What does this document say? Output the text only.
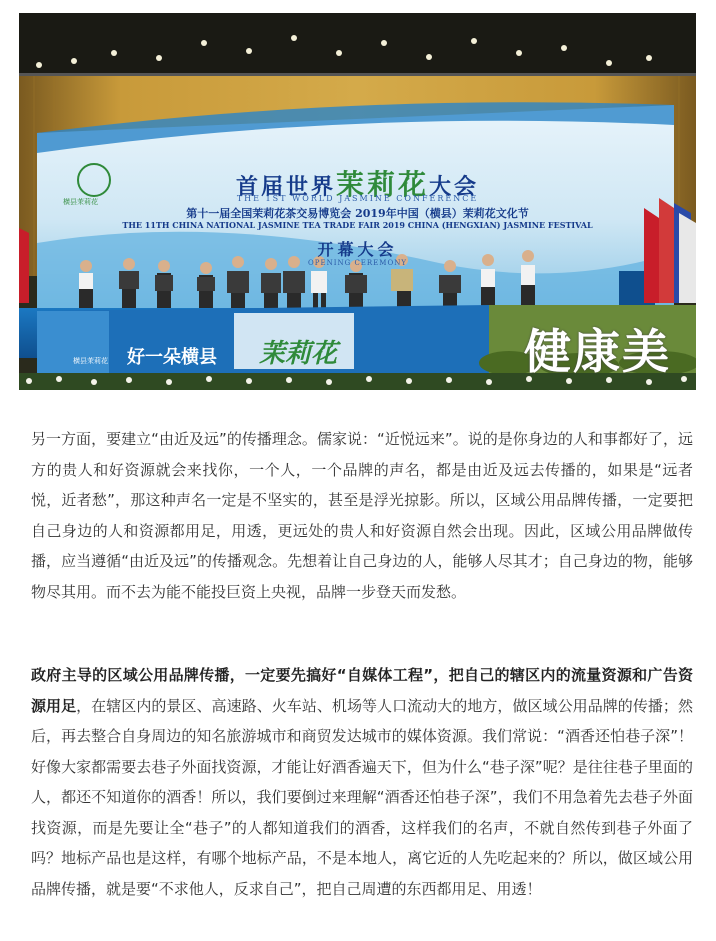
横县茉莉花
首届世界茉莉花大会
THE 1ST WORLD JASMINE CONFERENCE
第十一届全国茉莉花茶交易博览会 2019年中国（横县）茉莉花文化节
THE 11TH CHINA NATIONAL JASMINE TEA TRADE FAIR 2019 CHINA (HENGXIAN) JASMINE FESTIVAL
开幕大会
OPENING CEREMONY
横县茉莉花 好一朵横县 茉莉花	健康美

另一方面，要建立“由近及远”的传播理念。儒家说：“近悦远来”。说的是你身边的人和事都好了，远方的贵人和好资源就会来找你，一个人，一个品牌的声名，都是由近及远去传播的，如果是“远者悦，近者愁”，那这种声名一定是不坚实的，甚至是浮光掠影。所以，区域公用品牌传播，一定要把自己身边的人和资源都用足，用透，更远处的贵人和好资源自然会出现。因此，区域公用品牌做传播，应当遵循“由近及远”的传播观念。先想着让自己身边的人，能够人尽其才；自己身边的物，能够物尽其用。而不去为能不能投巨资上央视，品牌一步登天而发愁。

政府主导的区域公用品牌传播，一定要先搞好“自媒体工程”，把自己的辖区内的流量资源和广告资源用足，在辖区内的景区、高速路、火车站、机场等人口流动大的地方，做区域公用品牌的传播；然后，再去整合自身周边的知名旅游城市和商贸发达城市的媒体资源。我们常说：“酒香还怕巷子深”！好像大家都需要去巷子外面找资源，才能让好酒香遍天下，但为什么“巷子深”呢？是往往巷子里面的人，都还不知道你的酒香！所以，我们要倒过来理解“酒香还怕巷子深”，我们不用急着先去巷子外面找资源，而是先要让全“巷子”的人都知道我们的酒香，这样我们的名声，不就自然传到巷子外面了吗？地标产品也是这样，有哪个地标产品，不是本地人，离它近的人先吃起来的？所以，做区域公用品牌传播，就是要“不求他人，反求自己”，把自己周遭的东西都用足、用透！
